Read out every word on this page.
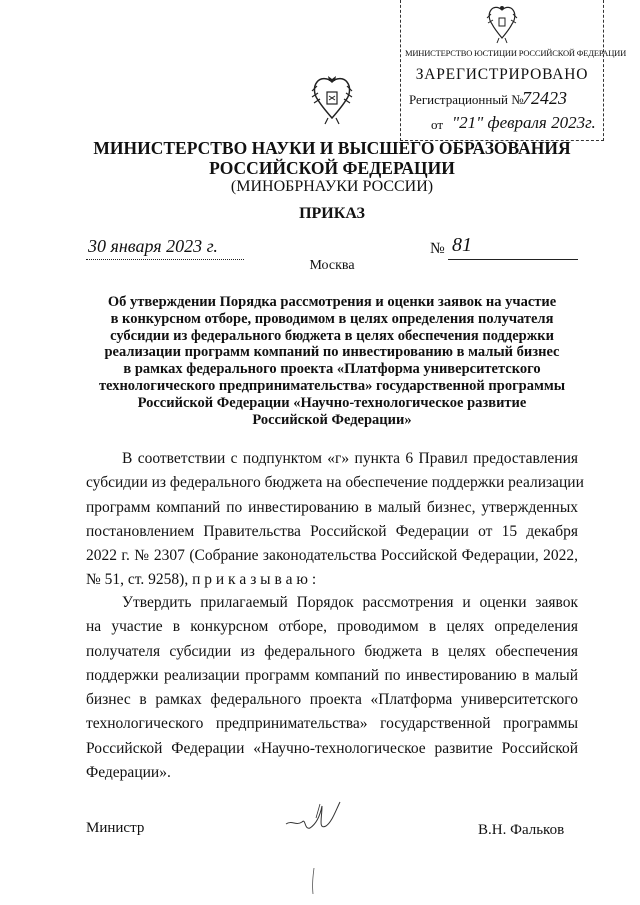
МИНИСТЕРСТВО ЮСТИЦИИ РОССИЙСКОЙ ФЕДЕРАЦИИ
ЗАРЕГИСТРИРОВАНО
Регистрационный №
72423
от "21" февраля 2023г.
МИНИСТЕРСТВО НАУКИ И ВЫСШЕГО ОБРАЗОВАНИЯ
РОССИЙСКОЙ ФЕДЕРАЦИИ
(МИНОБРНАУКИ РОССИИ)
ПРИКАЗ
30 января 2023 г.	№ 81
Москва
Об утверждении Порядка рассмотрения и оценки заявок на участие
в конкурсном отборе, проводимом в целях определения получателя
субсидии из федерального бюджета в целях обеспечения поддержки
реализации программ компаний по инвестированию в малый бизнес
в рамках федерального проекта «Платформа университетского
технологического предпринимательства» государственной программы
Российской Федерации «Научно-технологическое развитие
Российской Федерации»
В соответствии с подпунктом «г» пункта 6 Правил предоставления
субсидии из федерального бюджета на обеспечение поддержки реализации
программ компаний по инвестированию в малый бизнес, утвержденных
постановлением Правительства Российской Федерации от 15 декабря
2022 г. № 2307 (Собрание законодательства Российской Федерации, 2022,
№ 51, ст. 9258), п р и к а з ы в а ю :
Утвердить прилагаемый Порядок рассмотрения и оценки заявок
на участие в конкурсном отборе, проводимом в целях определения
получателя субсидии из федерального бюджета в целях обеспечения
поддержки реализации программ компаний по инвестированию в малый
бизнес в рамках федерального проекта «Платформа университетского
технологического предпринимательства» государственной программы
Российской Федерации «Научно-технологическое развитие Российской
Федерации».
Министр	В.Н. Фальков
